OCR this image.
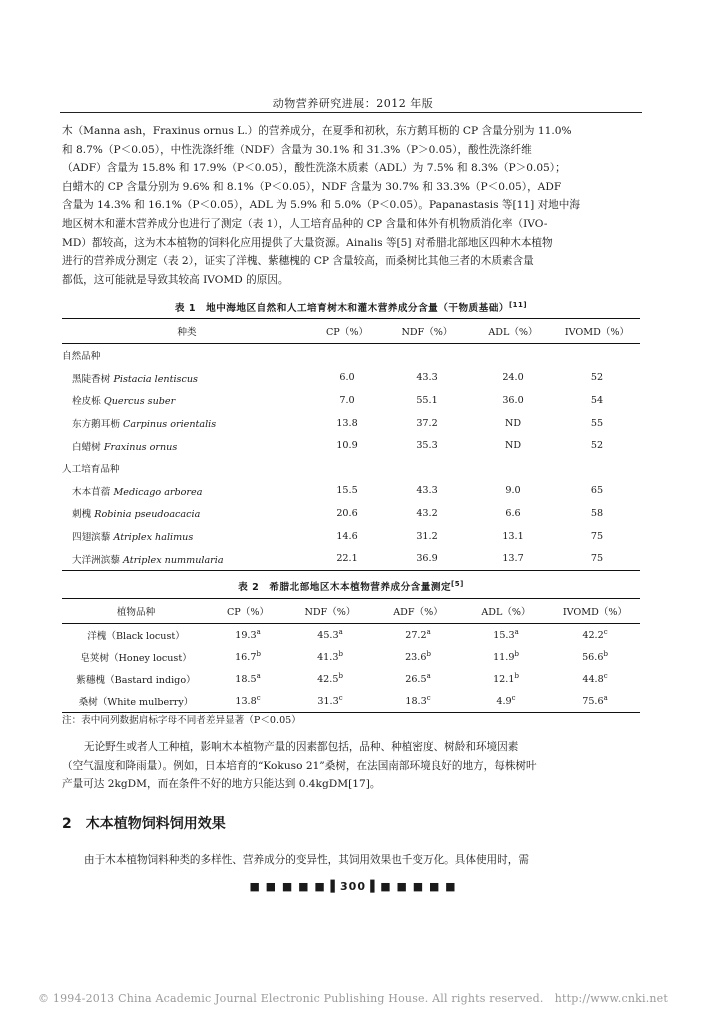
动物营养研究进展：2012 年版
木（Manna ash，Fraxinus ornus L.）的营养成分，在夏季和初秋，东方鹅耳枥的 CP 含量分别为 11.0%
和 8.7%（P＜0.05），中性洗涤纤维（NDF）含量为 30.1% 和 31.3%（P＞0.05），酸性洗涤纤维
（ADF）含量为 15.8% 和 17.9%（P＜0.05），酸性洗涤木质素（ADL）为 7.5% 和 8.3%（P＞0.05）；
白蜡木的 CP 含量分别为 9.6% 和 8.1%（P＜0.05），NDF 含量为 30.7% 和 33.3%（P＜0.05），ADF
含量为 14.3% 和 16.1%（P＜0.05），ADL 为 5.9% 和 5.0%（P＜0.05）。Papanastasis 等[11] 对地中海
地区树木和灌木营养成分也进行了测定（表 1），人工培育品种的 CP 含量和体外有机物质消化率（IVO-
MD）都较高，这为木本植物的饲料化应用提供了大量资源。Ainalis 等[5] 对希腊北部地区四种木本植物
进行的营养成分测定（表 2），证实了洋槐、紫穗槐的 CP 含量较高，而桑树比其他三者的木质素含量
都低，这可能就是导致其较高 IVOMD 的原因。
表 1　地中海地区自然和人工培育树木和灌木营养成分含量（干物质基础）[11]
种类	CP（%）	NDF（%）	ADL（%）	IVOMD（%）
自然品种				
黑陡香树 Pistacia lentiscus	6.0	43.3	24.0	52
栓皮栎 Quercus suber	7.0	55.1	36.0	54
东方鹅耳枥 Carpinus orientalis	13.8	37.2	ND	55
白蜡树 Fraxinus ornus	10.9	35.3	ND	52
人工培育品种				
木本苜蓿 Medicago arborea	15.5	43.3	9.0	65
刺槐 Robinia pseudoacacia	20.6	43.2	6.6	58
四翅滨藜 Atriplex halimus	14.6	31.2	13.1	75
大洋洲滨藜 Atriplex nummularia	22.1	36.9	13.7	75
表 2　希腊北部地区木本植物营养成分含量测定[5]
植物品种	CP（%）	NDF（%）	ADF（%）	ADL（%）	IVOMD（%）
洋槐（Black locust）	19.3$^a$	45.3$^a$	27.2$^a$	15.3$^a$	42.2$^c$
皂荚树（Honey locust）	16.7$^b$	41.3$^b$	23.6$^b$	11.9$^b$	56.6$^b$
紫穗槐（Bastard indigo）	18.5$^a$	42.5$^b$	26.5$^a$	12.1$^b$	44.8$^c$
桑树（White mulberry）	13.8$^c$	31.3$^c$	18.3$^c$	4.9$^c$	75.6$^a$
注：表中同列数据肩标字母不同者差异显著（P＜0.05）
无论野生或者人工种植，影响木本植物产量的因素都包括，品种、种植密度、树龄和环境因素
（空气温度和降雨量）。例如，日本培育的“Kokuso 21”桑树，在法国南部环境良好的地方，每株树叶
产量可达 2kgDM，而在条件不好的地方只能达到 0.4kgDM[17]。
2 木本植物饲料饲用效果
由于木本植物饲料种类的多样性、营养成分的变异性，其饲用效果也千变万化。具体使用时，需
■ ■ ■ ■ ■ ▌300▐ ■ ■ ■ ■ ■
© 1994-2013 China Academic Journal Electronic Publishing House. All rights reserved.　http://www.cnki.net
